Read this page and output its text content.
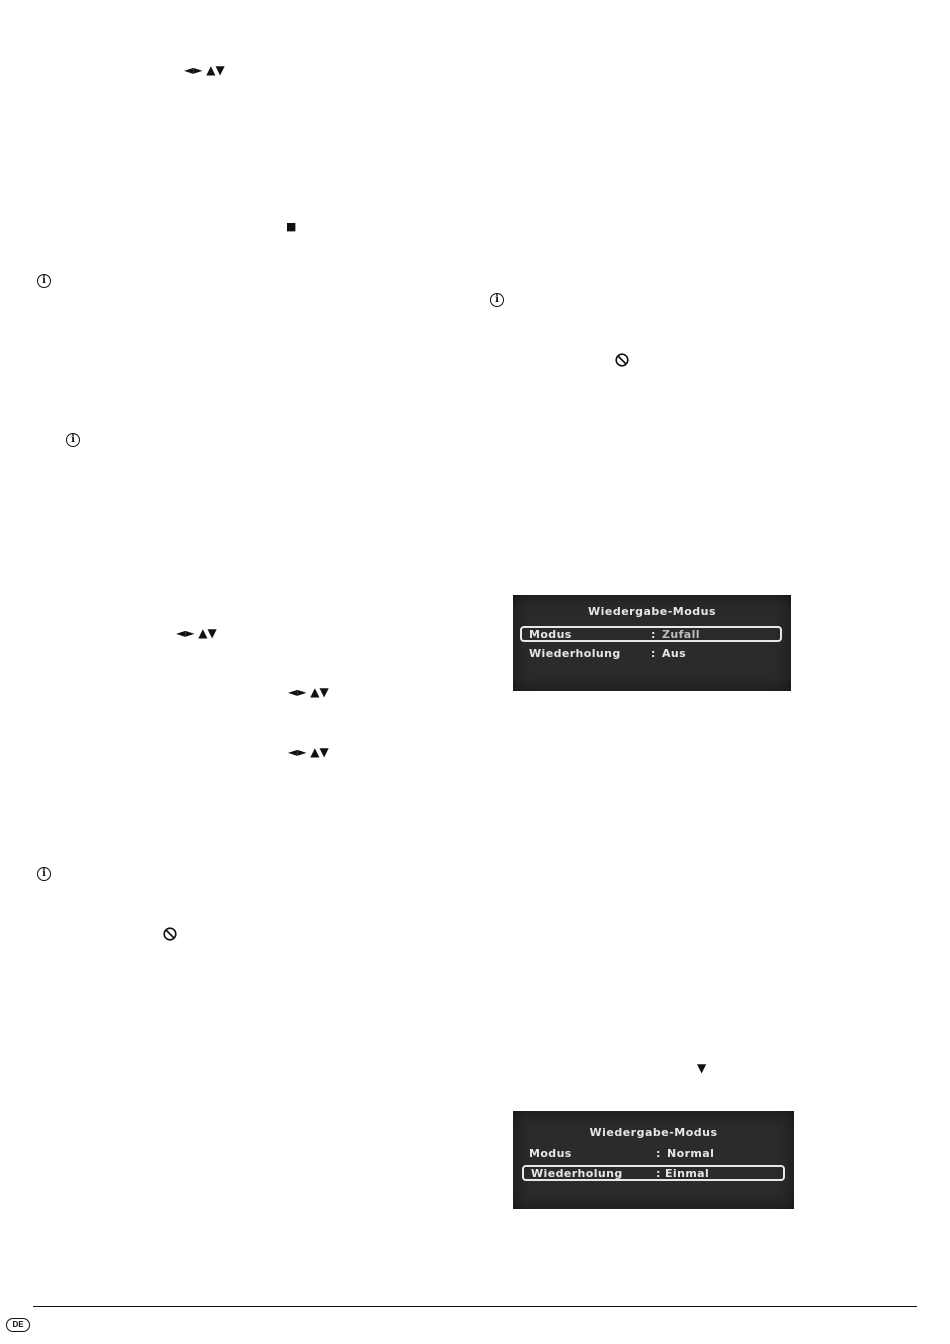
◄► ▲▼
◄► ▲▼
◄► ▲▼
◄► ▲▼
■
▼
i
i
i
i
Wiedergabe-Modus
Modus	: Zufall
Wiederholung	: Aus
Wiedergabe-Modus
Modus	: Normal
Wiederholung	: Einmal
DE
